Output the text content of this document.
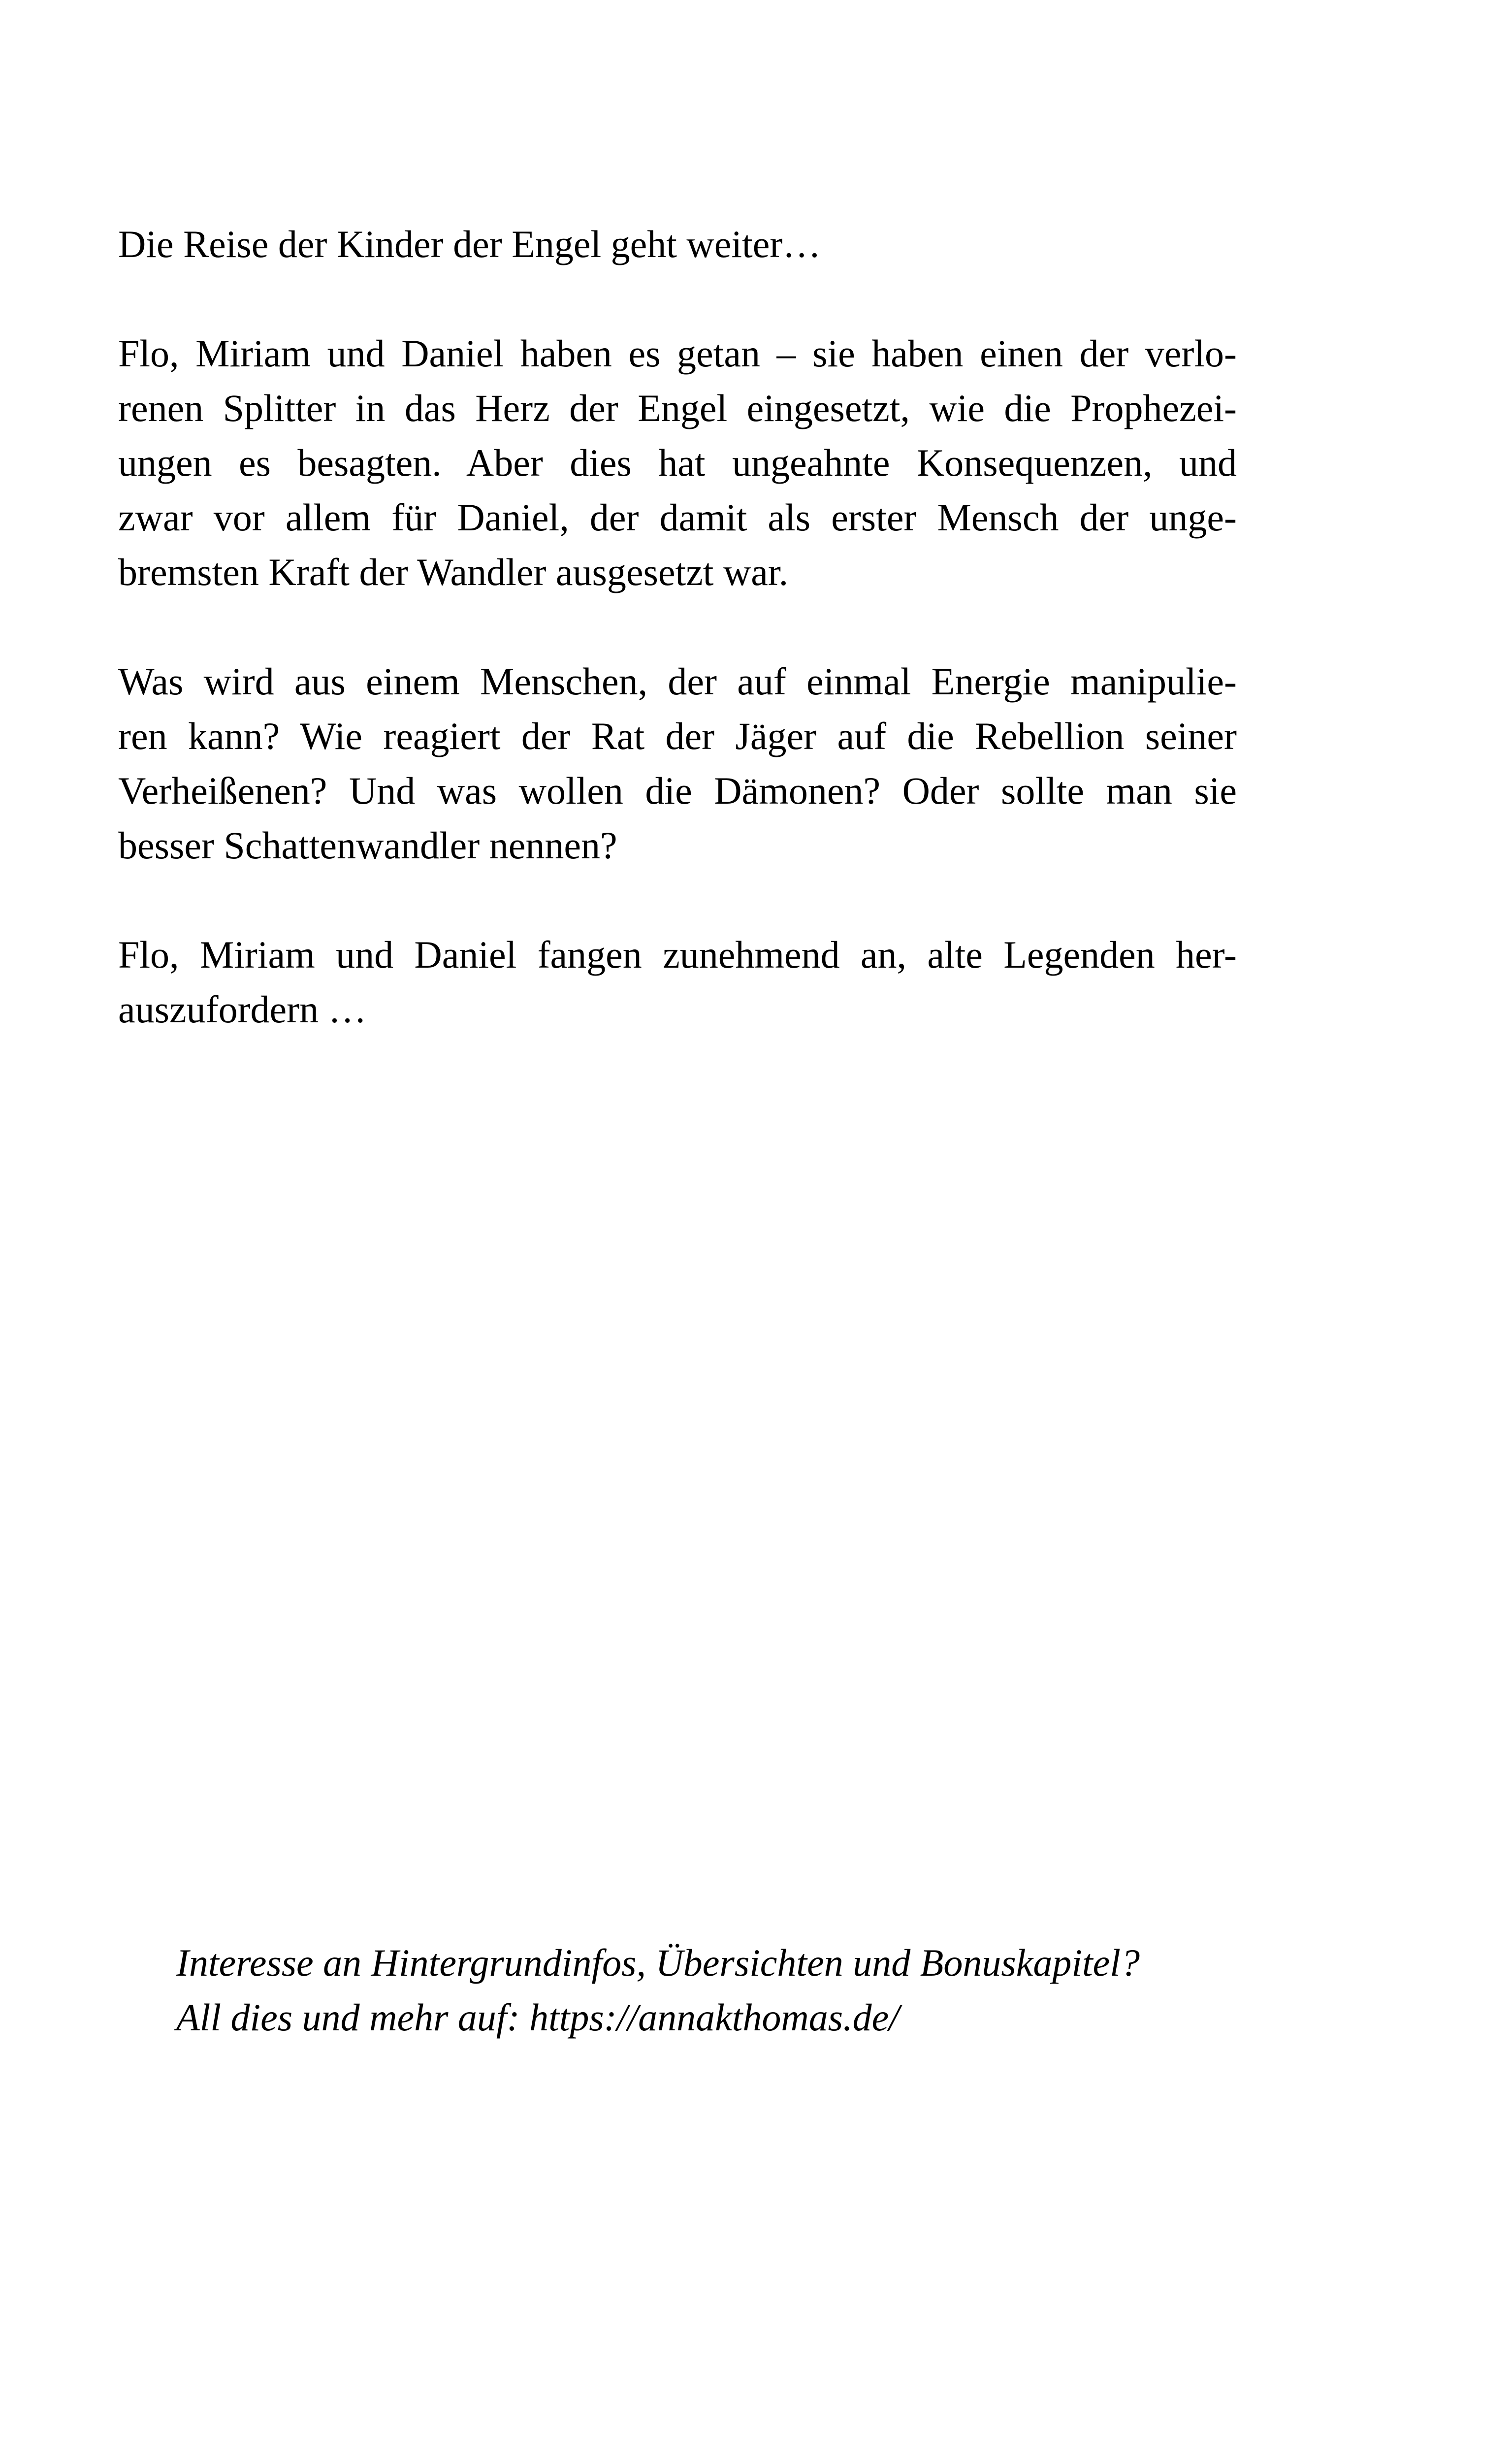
Die Reise der Kinder der Engel geht weiter…
Flo, Miriam und Daniel haben es getan – sie haben einen der verlo-
renen Splitter in das Herz der Engel eingesetzt, wie die Prophezei-
ungen es besagten. Aber dies hat ungeahnte Konsequenzen, und
zwar vor allem für Daniel, der damit als erster Mensch der unge-
bremsten Kraft der Wandler ausgesetzt war.
Was wird aus einem Menschen, der auf einmal Energie manipulie-
ren kann? Wie reagiert der Rat der Jäger auf die Rebellion seiner
Verheißenen? Und was wollen die Dämonen? Oder sollte man sie
besser Schattenwandler nennen?
Flo, Miriam und Daniel fangen zunehmend an, alte Legenden her-
auszufordern …
Interesse an Hintergrundinfos, Übersichten und Bonuskapitel?
All dies und mehr auf: https://annakthomas.de/
